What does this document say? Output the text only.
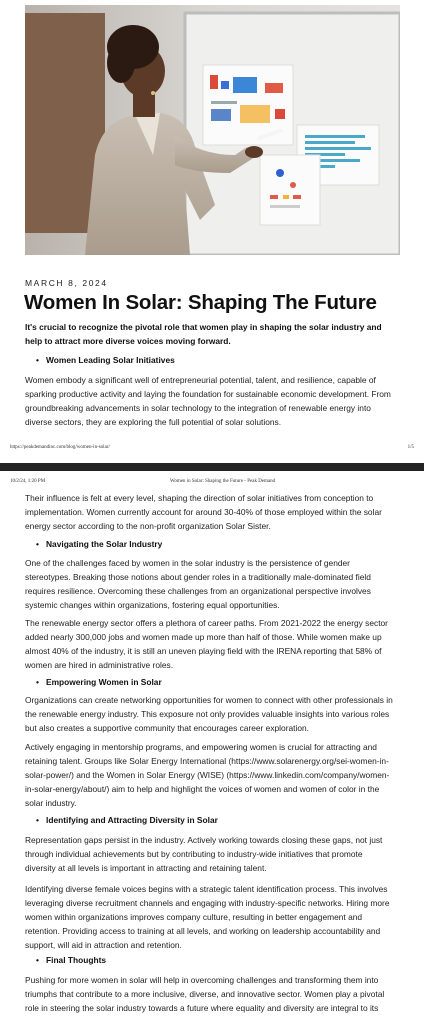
MARCH 8, 2024
Women In Solar: Shaping The Future

It's crucial to recognize the pivotal role that women play in shaping the solar industry and help to attract more diverse voices moving forward.

• Women Leading Solar Initiatives

Women embody a significant well of entrepreneurial potential, talent, and resilience, capable of sparking productive activity and laying the foundation for sustainable economic development. From groundbreaking advancements in solar technology to the integration of renewable energy into diverse sectors, they are exploring the full potential of solar solutions.

https://peakdemandinc.com/blog/women-in-solar/	1/5
10/2/24, 1:20 PM	Women in Solar: Shaping the Future - Peak Demand

Their influence is felt at every level, shaping the direction of solar initiatives from conception to implementation. Women currently account for around 30-40% of those employed within the solar energy sector according to the non-profit organization Solar Sister.

• Navigating the Solar Industry

One of the challenges faced by women in the solar industry is the persistence of gender stereotypes. Breaking those notions about gender roles in a traditionally male-dominated field requires resilience. Overcoming these challenges from an organizational perspective involves systemic changes within organizations, fostering equal opportunities.

The renewable energy sector offers a plethora of career paths. From 2021-2022 the energy sector added nearly 300,000 jobs and women made up more than half of those. While women make up almost 40% of the industry, it is still an uneven playing field with the IRENA reporting that 58% of women are hired in administrative roles.

• Empowering Women in Solar

Organizations can create networking opportunities for women to connect with other professionals in the renewable energy industry. This exposure not only provides valuable insights into various roles but also creates a supportive community that encourages career exploration.

Actively engaging in mentorship programs, and empowering women is crucial for attracting and retaining talent. Groups like Solar Energy International (https://www.solarenergy.org/sei-women-in-solar-power/) and the Women in Solar Energy (WISE) (https://www.linkedin.com/company/women-in-solar-energy/about/) aim to help and highlight the voices of women and women of color in the solar industry.

• Identifying and Attracting Diversity in Solar

Representation gaps persist in the industry. Actively working towards closing these gaps, not just through individual achievements but by contributing to industry-wide initiatives that promote diversity at all levels is important in attracting and retaining talent.

Identifying diverse female voices begins with a strategic talent identification process. This involves leveraging diverse recruitment channels and engaging with industry-specific networks. Hiring more women within organizations improves company culture, resulting in better engagement and retention. Providing access to training at all levels, and working on leadership accountability and support, will aid in attraction and retention.

• Final Thoughts

Pushing for more women in solar will help in overcoming challenges and transforming them into triumphs that contribute to a more inclusive, diverse, and innovative sector. Women play a pivotal role in steering the solar industry towards a future where equality and diversity are integral to its
